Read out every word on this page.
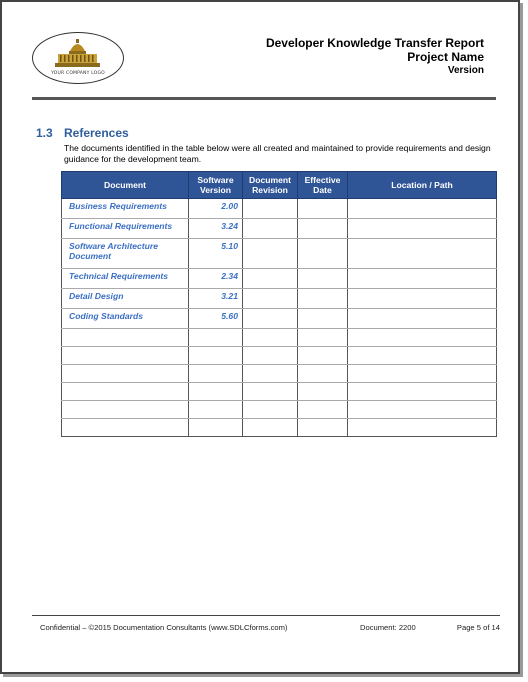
YOUR COMPANY LOGO
Developer Knowledge Transfer Report
Project Name
Version
1.3 References
The documents identified in the table below were all created and maintained to provide requirements and design guidance for the development team.
Document	Software Version	Document Revision	Effective Date	Location / Path
Business Requirements	2.00			
Functional Requirements	3.24			
Software Architecture Document	5.10			
Technical Requirements	2.34			
Detail Design	3.21			
Coding Standards	5.60			

Confidential – ©2015 Documentation Consultants (www.SDLCforms.com)	Document: 2200	Page 5 of 14
